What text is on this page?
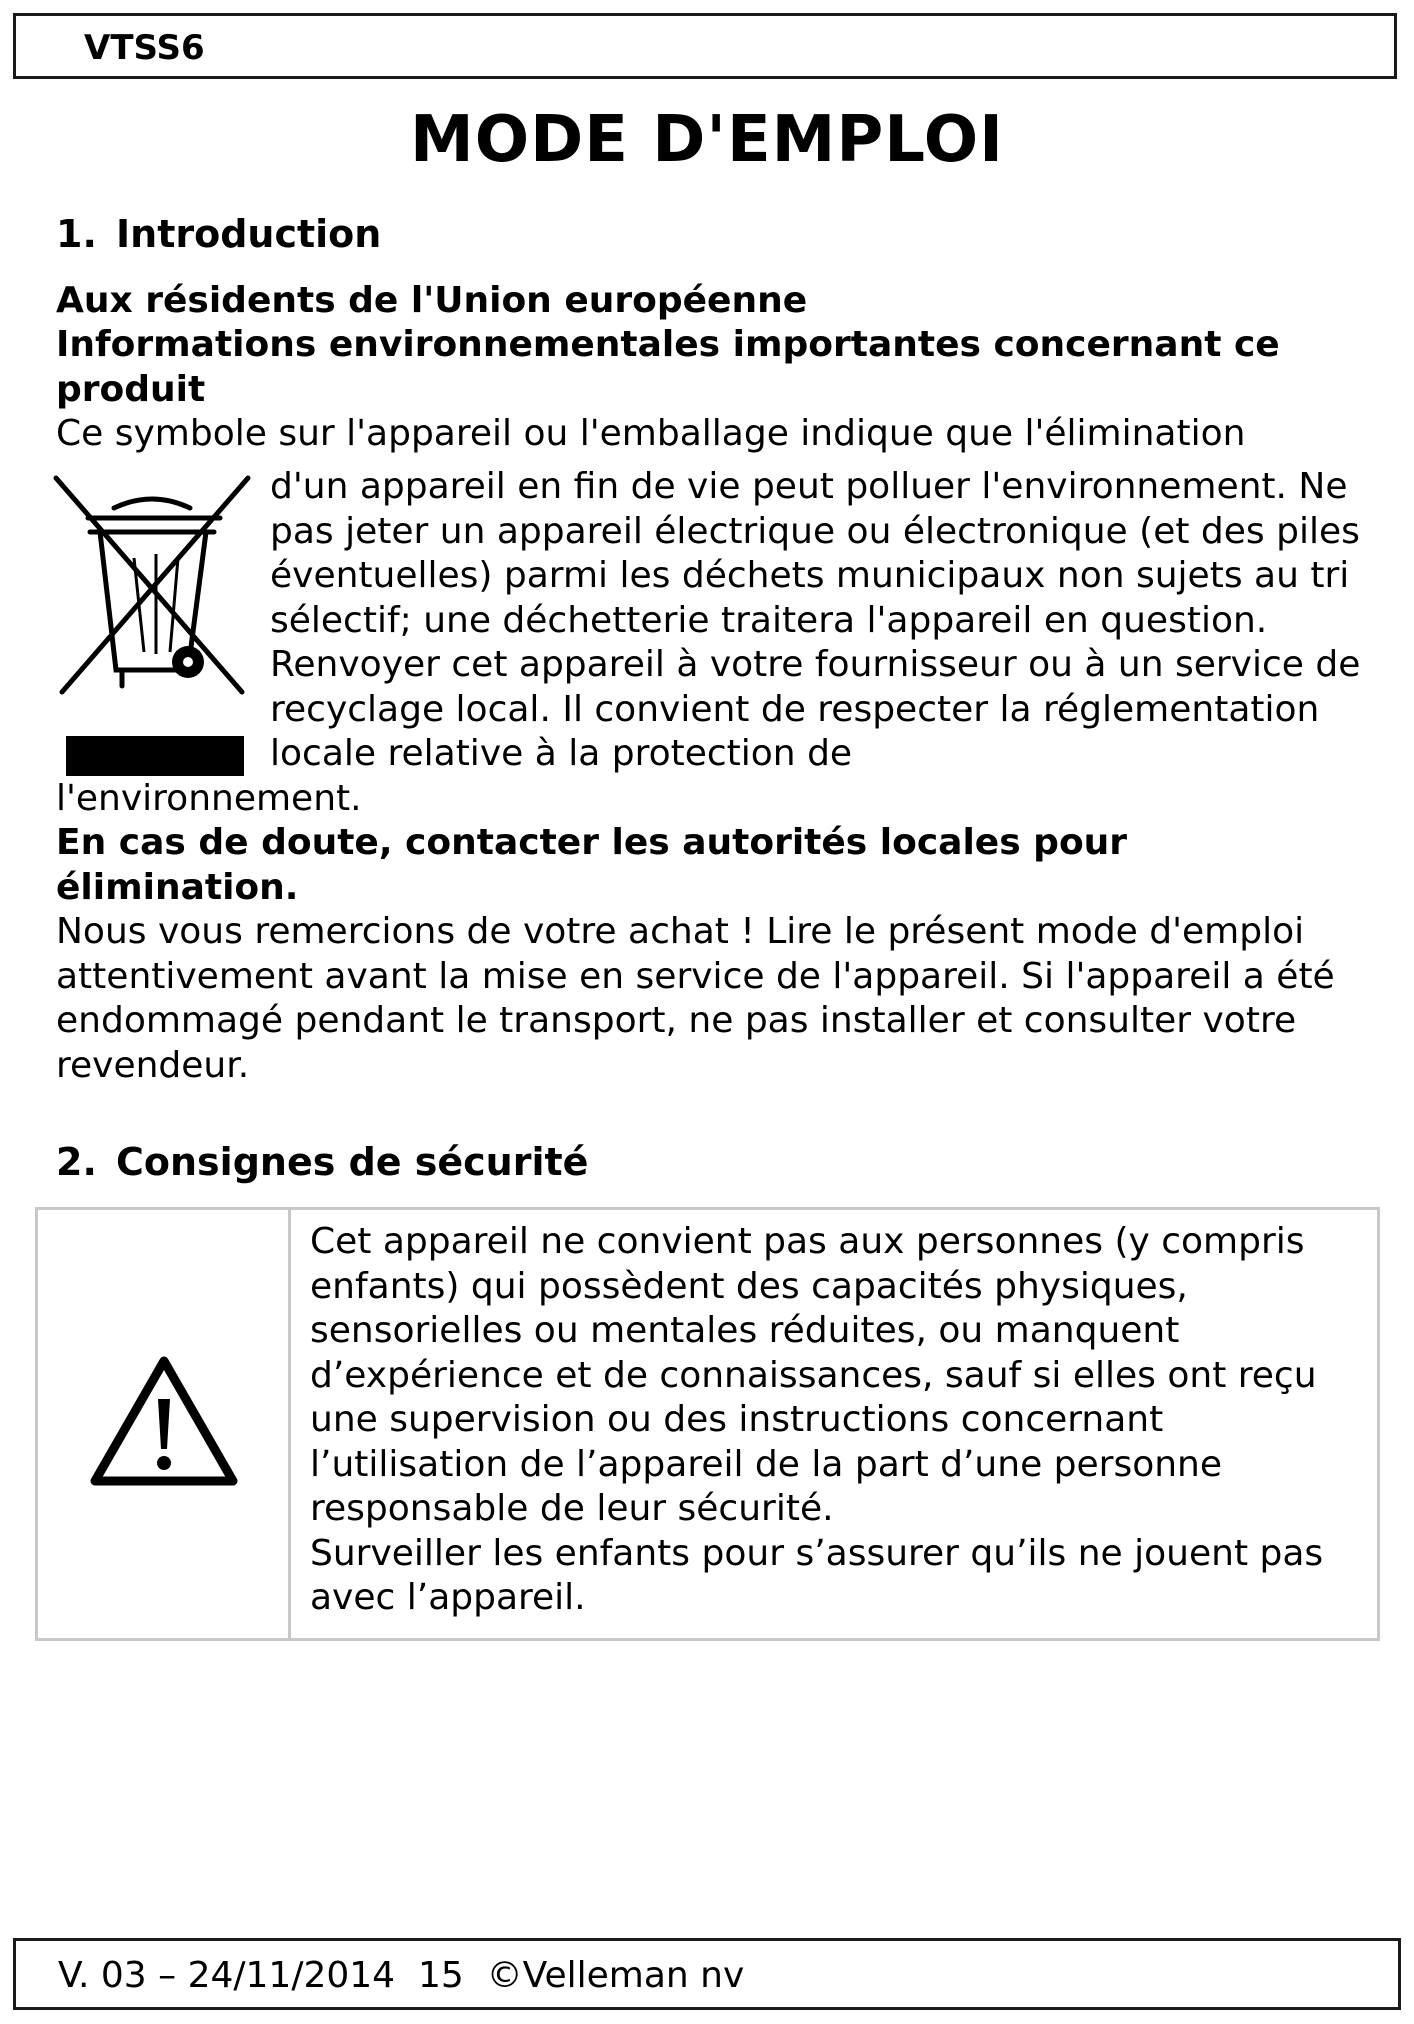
VTSS6
MODE D'EMPLOI
1. Introduction
Aux résidents de l'Union européenne
Informations environnementales importantes concernant ce produit
Ce symbole sur l'appareil ou l'emballage indique que l'élimination
d'un appareil en fin de vie peut polluer l'environnement. Ne pas jeter un appareil électrique ou électronique (et des piles éventuelles) parmi les déchets municipaux non sujets au tri sélectif; une déchetterie traitera l'appareil en question. Renvoyer cet appareil à votre fournisseur ou à un service de recyclage local. Il convient de respecter la réglementation locale relative à la protection de
l'environnement.
En cas de doute, contacter les autorités locales pour élimination.
Nous vous remercions de votre achat ! Lire le présent mode d'emploi attentivement avant la mise en service de l'appareil. Si l'appareil a été endommagé pendant le transport, ne pas installer et consulter votre revendeur.
2. Consignes de sécurité
Cet appareil ne convient pas aux personnes (y compris enfants) qui possèdent des capacités physiques, sensorielles ou mentales réduites, ou manquent d’expérience et de connaissances, sauf si elles ont reçu une supervision ou des instructions concernant l’utilisation de l’appareil de la part d’une personne responsable de leur sécurité.
Surveiller les enfants pour s’assurer qu’ils ne jouent pas avec l’appareil.
V. 03 – 24/11/2014 15 ©Velleman nv
